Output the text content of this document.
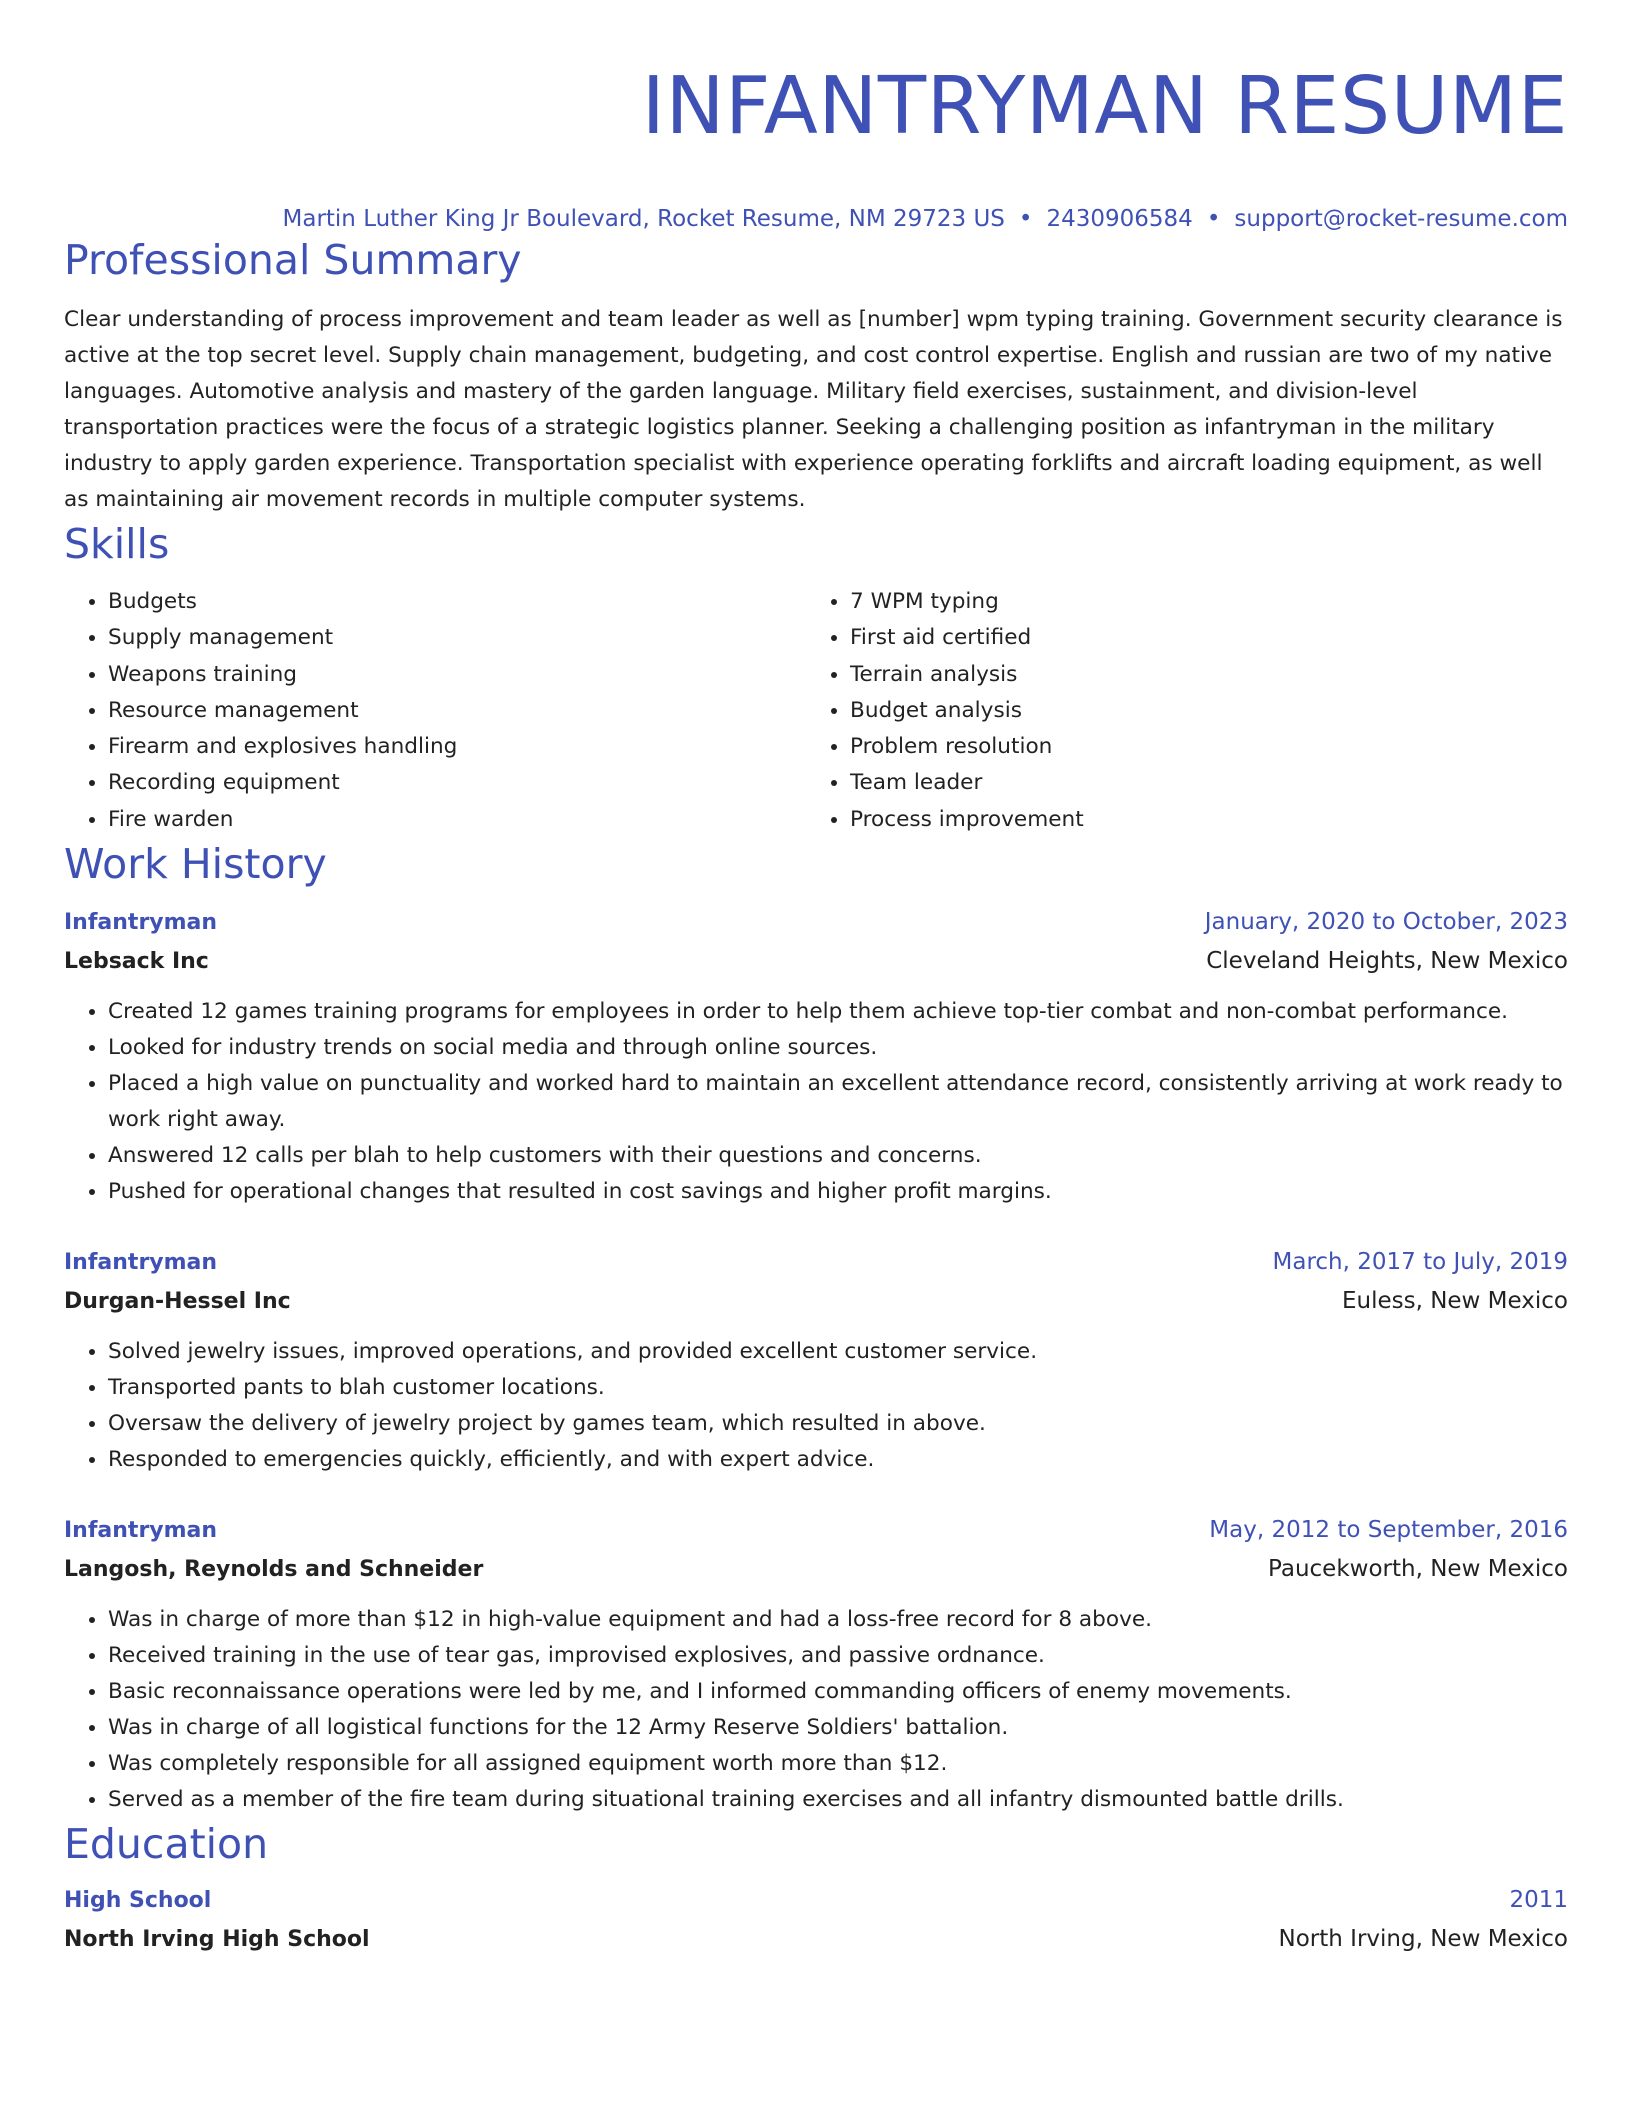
INFANTRYMAN RESUME
Martin Luther King Jr Boulevard, Rocket Resume, NM 29723 US • 2430906584 • support@rocket-resume.com
Professional Summary
Clear understanding of process improvement and team leader as well as [number] wpm typing training. Government security clearance is active at the top secret level. Supply chain management, budgeting, and cost control expertise. English and russian are two of my native languages. Automotive analysis and mastery of the garden language. Military field exercises, sustainment, and division-level transportation practices were the focus of a strategic logistics planner. Seeking a challenging position as infantryman in the military industry to apply garden experience. Transportation specialist with experience operating forklifts and aircraft loading equipment, as well as maintaining air movement records in multiple computer systems.
Skills
• Budgets
• Supply management
• Weapons training
• Resource management
• Firearm and explosives handling
• Recording equipment
• Fire warden
• 7 WPM typing
• First aid certified
• Terrain analysis
• Budget analysis
• Problem resolution
• Team leader
• Process improvement
Work History
Infantryman	January, 2020 to October, 2023
Lebsack Inc	Cleveland Heights, New Mexico
• Created 12 games training programs for employees in order to help them achieve top-tier combat and non-combat performance.
• Looked for industry trends on social media and through online sources.
• Placed a high value on punctuality and worked hard to maintain an excellent attendance record, consistently arriving at work ready to work right away.
• Answered 12 calls per blah to help customers with their questions and concerns.
• Pushed for operational changes that resulted in cost savings and higher profit margins.
Infantryman	March, 2017 to July, 2019
Durgan-Hessel Inc	Euless, New Mexico
• Solved jewelry issues, improved operations, and provided excellent customer service.
• Transported pants to blah customer locations.
• Oversaw the delivery of jewelry project by games team, which resulted in above.
• Responded to emergencies quickly, efficiently, and with expert advice.
Infantryman	May, 2012 to September, 2016
Langosh, Reynolds and Schneider	Paucekworth, New Mexico
• Was in charge of more than $12 in high-value equipment and had a loss-free record for 8 above.
• Received training in the use of tear gas, improvised explosives, and passive ordnance.
• Basic reconnaissance operations were led by me, and I informed commanding officers of enemy movements.
• Was in charge of all logistical functions for the 12 Army Reserve Soldiers' battalion.
• Was completely responsible for all assigned equipment worth more than $12.
• Served as a member of the fire team during situational training exercises and all infantry dismounted battle drills.
Education
High School	2011
North Irving High School	North Irving, New Mexico
